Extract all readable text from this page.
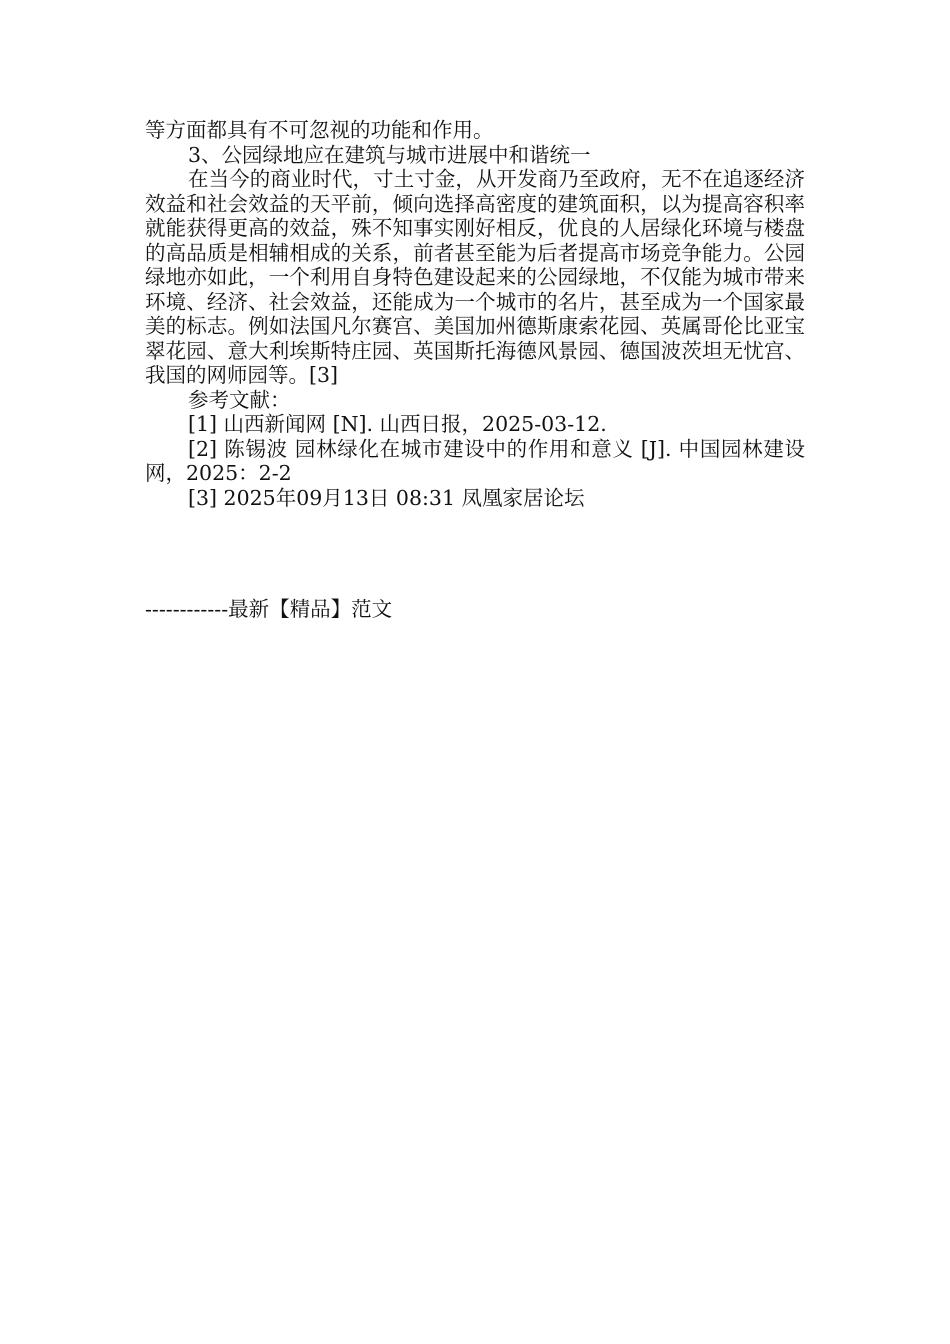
等方面都具有不可忽视的功能和作用。

3、公园绿地应在建筑与城市进展中和谐统一

在当今的商业时代，寸土寸金，从开发商乃至政府，无不在追逐经济效益和社会效益的天平前，倾向选择高密度的建筑面积，以为提高容积率就能获得更高的效益，殊不知事实刚好相反，优良的人居绿化环境与楼盘的高品质是相辅相成的关系，前者甚至能为后者提高市场竞争能力。公园绿地亦如此，一个利用自身特色建设起来的公园绿地，不仅能为城市带来环境、经济、社会效益，还能成为一个城市的名片，甚至成为一个国家最美的标志。例如法国凡尔赛宫、美国加州德斯康索花园、英属哥伦比亚宝翠花园、意大利埃斯特庄园、英国斯托海德风景园、德国波茨坦无忧宫、我国的网师园等。[3]

参考文献：

[1] 山西新闻网 [N]. 山西日报，2025-03-12.

[2] 陈锡波 园林绿化在城市建设中的作用和意义 [J]. 中国园林建设网，2025：2-2

[3] 2025年09月13日 08:31 凤凰家居论坛

------------最新【精品】范文
